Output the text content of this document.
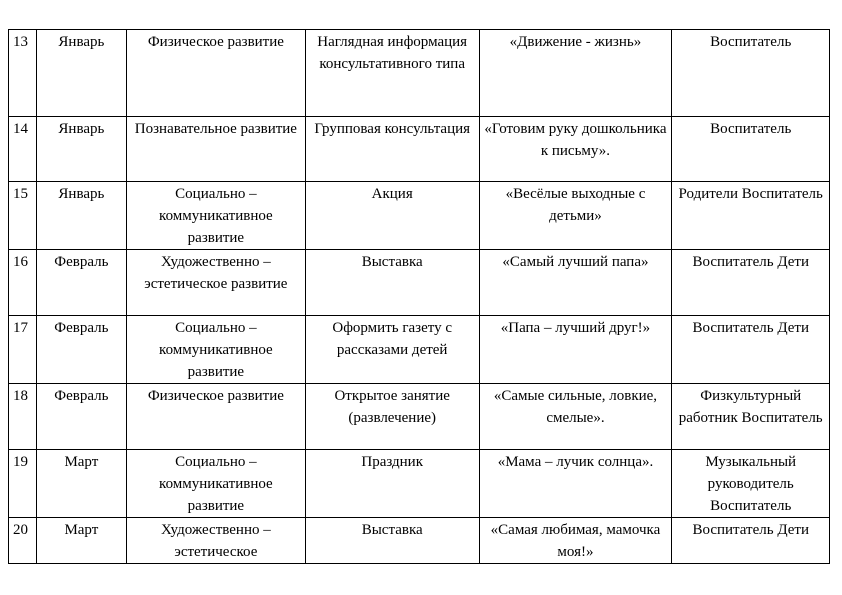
13	Январь	Физическое развитие	Наглядная информация консультативного типа	«Движение - жизнь»	Воспитатель
14	Январь	Познавательное развитие	Групповая консультация	«Готовим руку дошкольника к письму».	Воспитатель
15	Январь	Социально – коммуникативное развитие	Акция	«Весёлые выходные с детьми»	Родители Воспитатель
16	Февраль	Художественно – эстетическое развитие	Выставка	«Самый лучший папа»	Воспитатель Дети
17	Февраль	Социально – коммуникативное развитие	Оформить газету с рассказами детей	«Папа – лучший друг!»	Воспитатель Дети
18	Февраль	Физическое развитие	Открытое занятие (развлечение)	«Самые сильные, ловкие, смелые».	Физкультурный работник Воспитатель
19	Март	Социально – коммуникативное развитие	Праздник	«Мама – лучик солнца».	Музыкальный руководитель Воспитатель
20	Март	Художественно – эстетическое	Выставка	«Самая любимая, мамочка моя!»	Воспитатель Дети
